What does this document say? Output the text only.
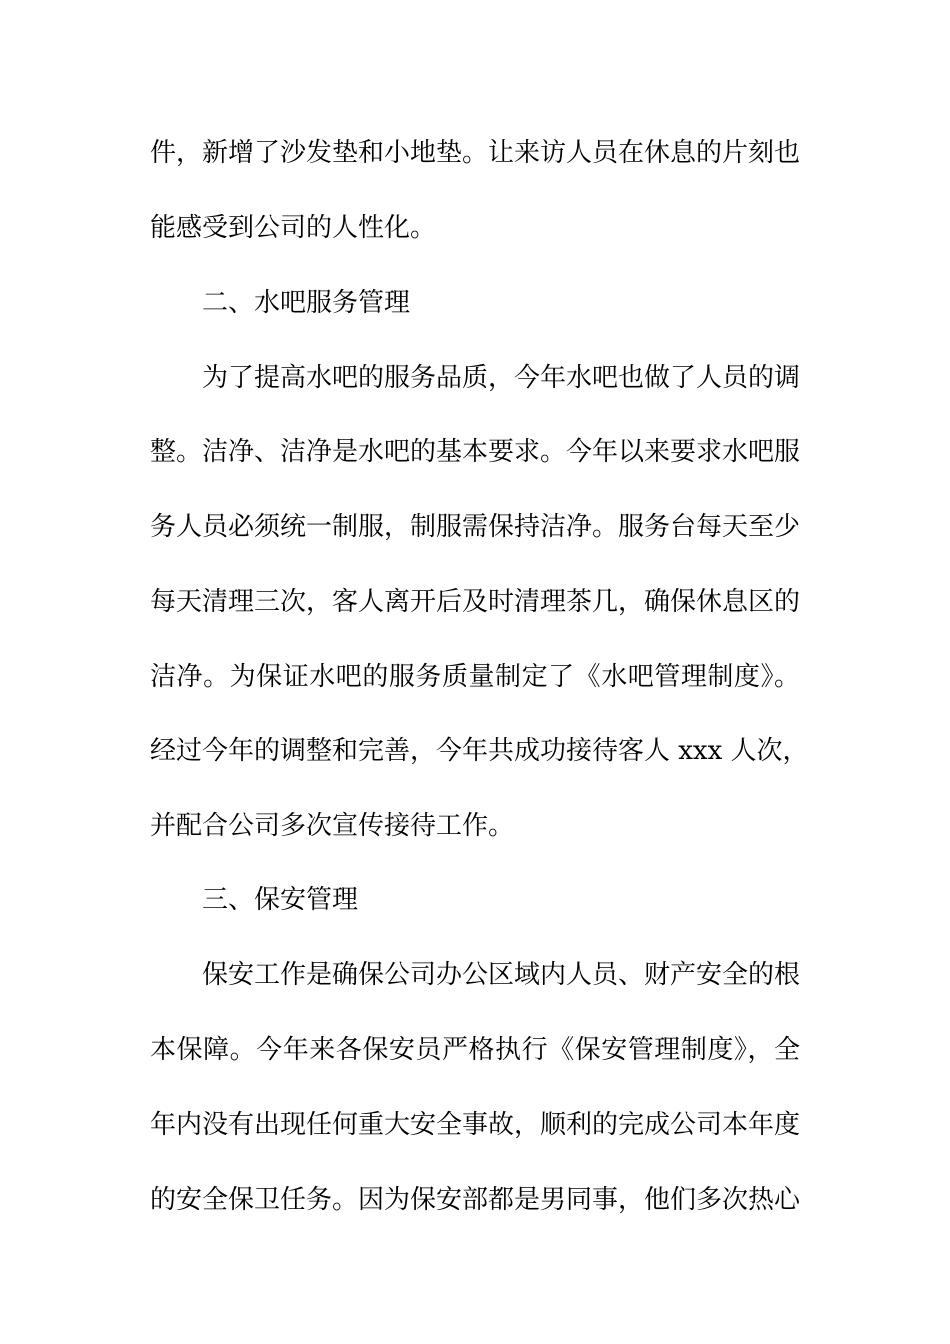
件，新增了沙发垫和小地垫。让来访人员在休息的片刻也
能感受到公司的人性化。
二、水吧服务管理
为了提高水吧的服务品质，今年水吧也做了人员的调
整。洁净、洁净是水吧的基本要求。今年以来要求水吧服
务人员必须统一制服，制服需保持洁净。服务台每天至少
每天清理三次，客人离开后及时清理茶几，确保休息区的
洁净。为保证水吧的服务质量制定了《水吧管理制度》。
经过今年的调整和完善，今年共成功接待客人 xxx 人次，
并配合公司多次宣传接待工作。
三、保安管理
保安工作是确保公司办公区域内人员、财产安全的根
本保障。今年来各保安员严格执行《保安管理制度》，全
年内没有出现任何重大安全事故，顺利的完成公司本年度
的安全保卫任务。因为保安部都是男同事，他们多次热心
